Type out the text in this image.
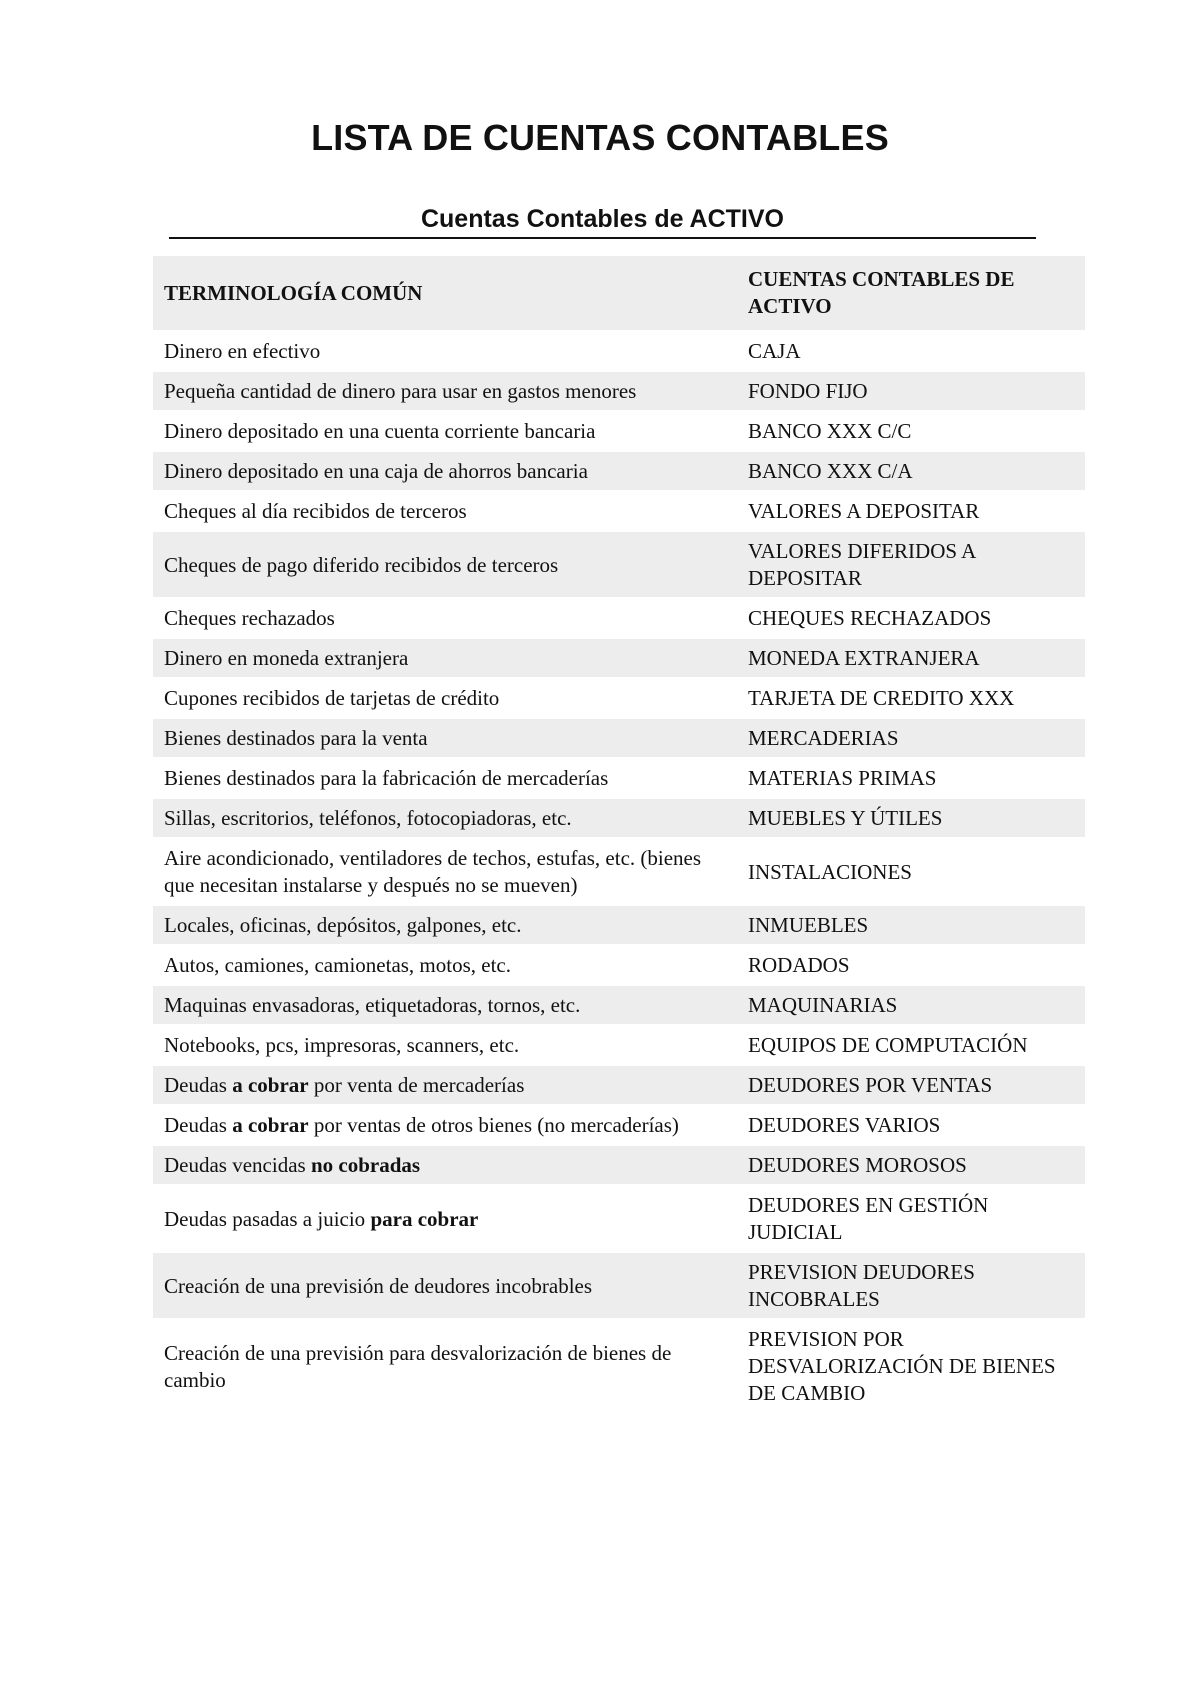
LISTA DE CUENTAS CONTABLES
Cuentas Contables de ACTIVO
TERMINOLOGÍA COMÚN	CUENTAS CONTABLES DE ACTIVO
Dinero en efectivo	CAJA
Pequeña cantidad de dinero para usar en gastos menores	FONDO FIJO
Dinero depositado en una cuenta corriente bancaria	BANCO XXX C/C
Dinero depositado en una caja de ahorros bancaria	BANCO XXX C/A
Cheques al día recibidos de terceros	VALORES A DEPOSITAR
Cheques de pago diferido recibidos de terceros	VALORES DIFERIDOS A DEPOSITAR
Cheques rechazados	CHEQUES RECHAZADOS
Dinero en moneda extranjera	MONEDA EXTRANJERA
Cupones recibidos de tarjetas de crédito	TARJETA DE CREDITO XXX
Bienes destinados para la venta	MERCADERIAS
Bienes destinados para la fabricación de mercaderías	MATERIAS PRIMAS
Sillas, escritorios, teléfonos, fotocopiadoras, etc.	MUEBLES Y ÚTILES
Aire acondicionado, ventiladores de techos, estufas, etc. (bienes que necesitan instalarse y después no se mueven)	INSTALACIONES
Locales, oficinas, depósitos, galpones, etc.	INMUEBLES
Autos, camiones, camionetas, motos, etc.	RODADOS
Maquinas envasadoras, etiquetadoras, tornos, etc.	MAQUINARIAS
Notebooks, pcs, impresoras, scanners, etc.	EQUIPOS DE COMPUTACIÓN
Deudas a cobrar por venta de mercaderías	DEUDORES POR VENTAS
Deudas a cobrar por ventas de otros bienes (no mercaderías)	DEUDORES VARIOS
Deudas vencidas no cobradas	DEUDORES MOROSOS
Deudas pasadas a juicio para cobrar	DEUDORES EN GESTIÓN JUDICIAL
Creación de una previsión de deudores incobrables	PREVISION DEUDORES INCOBRALES
Creación de una previsión para desvalorización de bienes de cambio	PREVISION POR DESVALORIZACIÓN DE BIENES DE CAMBIO
